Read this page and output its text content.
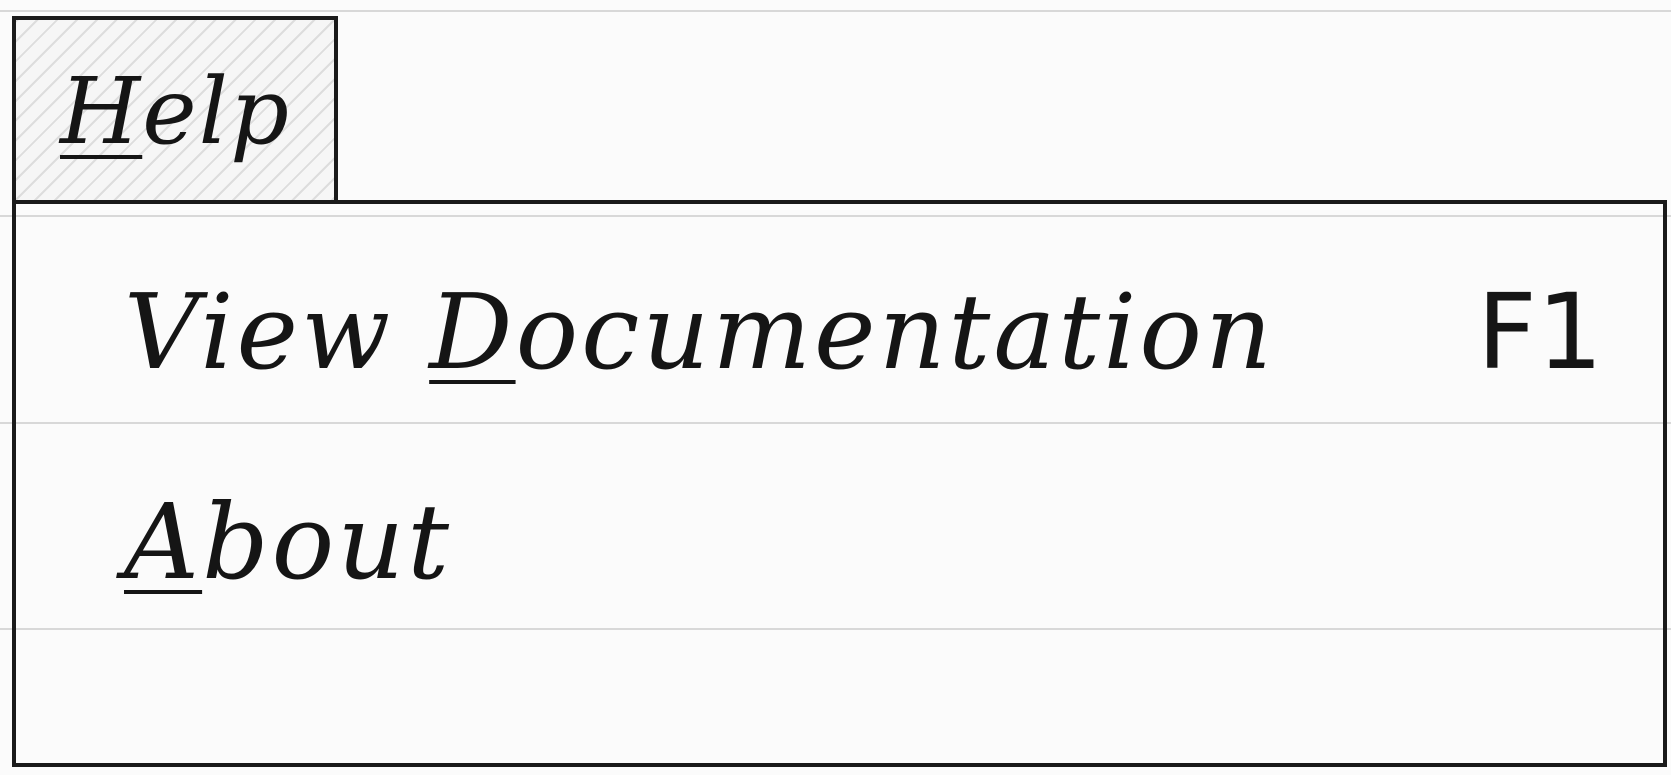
Help
View Documentation F1
About
